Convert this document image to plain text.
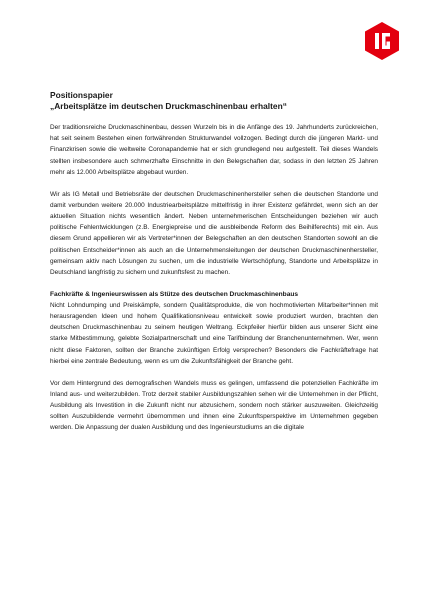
Positionspapier

„Arbeitsplätze im deutschen Druckmaschinenbau erhalten“

Der traditionsreiche Druckmaschinenbau, dessen Wurzeln bis in die Anfänge des 19. Jahrhunderts zurückreichen, hat seit seinem Bestehen einen fortwährenden Strukturwandel vollzogen. Bedingt durch die jüngeren Markt- und Finanzkrisen sowie die weltweite Coronapandemie hat er sich grundlegend neu aufgestellt. Teil dieses Wandels stellten insbesondere auch schmerzhafte Einschnitte in den Belegschaften dar, sodass in den letzten 25 Jahren mehr als 12.000 Arbeitsplätze abgebaut wurden.

Wir als IG Metall und Betriebsräte der deutschen Druckmaschinenhersteller sehen die deutschen Standorte und damit verbunden weitere 20.000 Industriearbeitsplätze mittelfristig in ihrer Existenz gefährdet, wenn sich an der aktuellen Situation nichts wesentlich ändert. Neben unternehmerischen Entscheidungen beziehen wir auch politische Fehlentwicklungen (z.B. Energiepreise und die ausbleibende Reform des Beihilferechts) mit ein. Aus diesem Grund appellieren wir als Vertreter*innen der Belegschaften an den deutschen Standorten sowohl an die politischen Entscheider*innen als auch an die Unternehmensleitungen der deutschen Druckmaschinenhersteller, gemeinsam aktiv nach Lösungen zu suchen, um die industrielle Wertschöpfung, Standorte und Arbeitsplätze in Deutschland langfristig zu sichern und zukunftsfest zu machen.

Fachkräfte & Ingenieurswissen als Stütze des deutschen Druckmaschinenbaus

Nicht Lohndumping und Preiskämpfe, sondern Qualitätsprodukte, die von hochmotivierten Mitarbeiter*innen mit herausragenden Ideen und hohem Qualifikationsniveau entwickelt sowie produziert wurden, brachten den deutschen Druckmaschinenbau zu seinem heutigen Weltrang. Eckpfeiler hierfür bilden aus unserer Sicht eine starke Mitbestimmung, gelebte Sozialpartnerschaft und eine Tarifbindung der Branchenunternehmen. Wer, wenn nicht diese Faktoren, sollten der Branche zukünftigen Erfolg versprechen? Besonders die Fachkräftefrage hat hierbei eine zentrale Bedeutung, wenn es um die Zukunftsfähigkeit der Branche geht.

Vor dem Hintergrund des demografischen Wandels muss es gelingen, umfassend die potenziellen Fachkräfte im Inland aus- und weiterzubilden. Trotz derzeit stabiler Ausbildungszahlen sehen wir die Unternehmen in der Pflicht, Ausbildung als Investition in die Zukunft nicht nur abzusichern, sondern noch stärker auszuweiten. Gleichzeitig sollten Auszubildende vermehrt übernommen und ihnen eine Zukunftsperspektive im Unternehmen gegeben werden. Die Anpassung der dualen Ausbildung und des Ingenieurstudiums an die digitale
